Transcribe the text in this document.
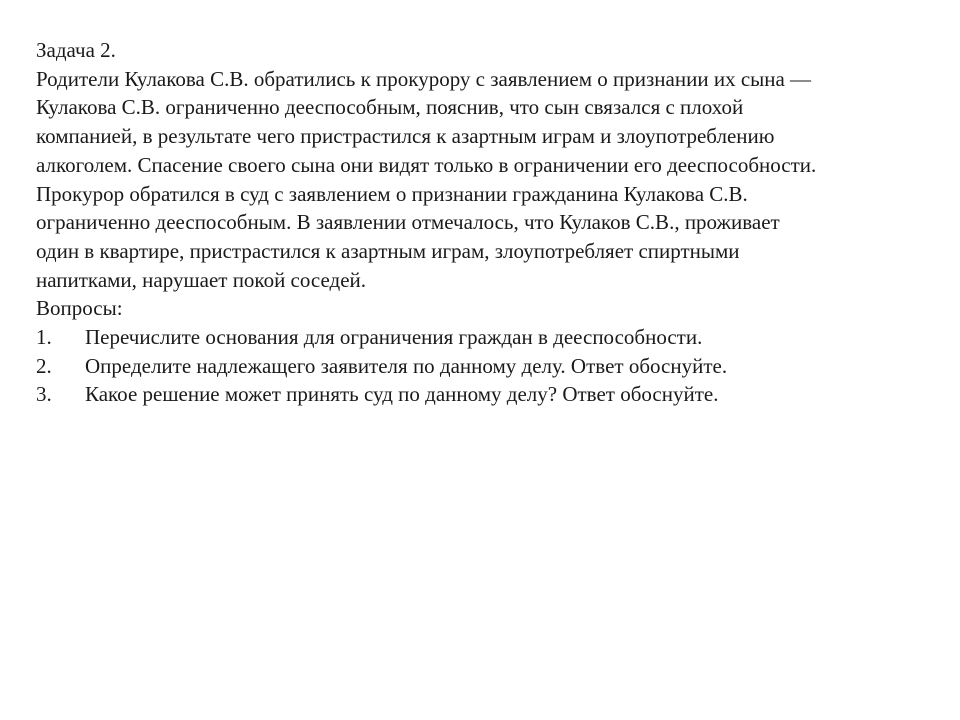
Задача 2.
Родители Кулакова С.В. обратились к прокурору с заявлением о признании их сына —
Кулакова С.В. ограниченно дееспособным, пояснив, что сын связался с плохой
компанией, в результате чего пристрастился к азартным играм и злоупотреблению
алкоголем. Спасение своего сына они видят только в ограничении его дееспособности.
Прокурор обратился в суд с заявлением о признании гражданина Кулакова С.В.
ограниченно дееспособным. В заявлении отмечалось, что Кулаков С.В., проживает
один в квартире, пристрастился к азартным играм, злоупотребляет спиртными
напитками, нарушает покой соседей.
Вопросы:
1. Перечислите основания для ограничения граждан в дееспособности.
2. Определите надлежащего заявителя по данному делу. Ответ обоснуйте.
3. Какое решение может принять суд по данному делу? Ответ обоснуйте.
